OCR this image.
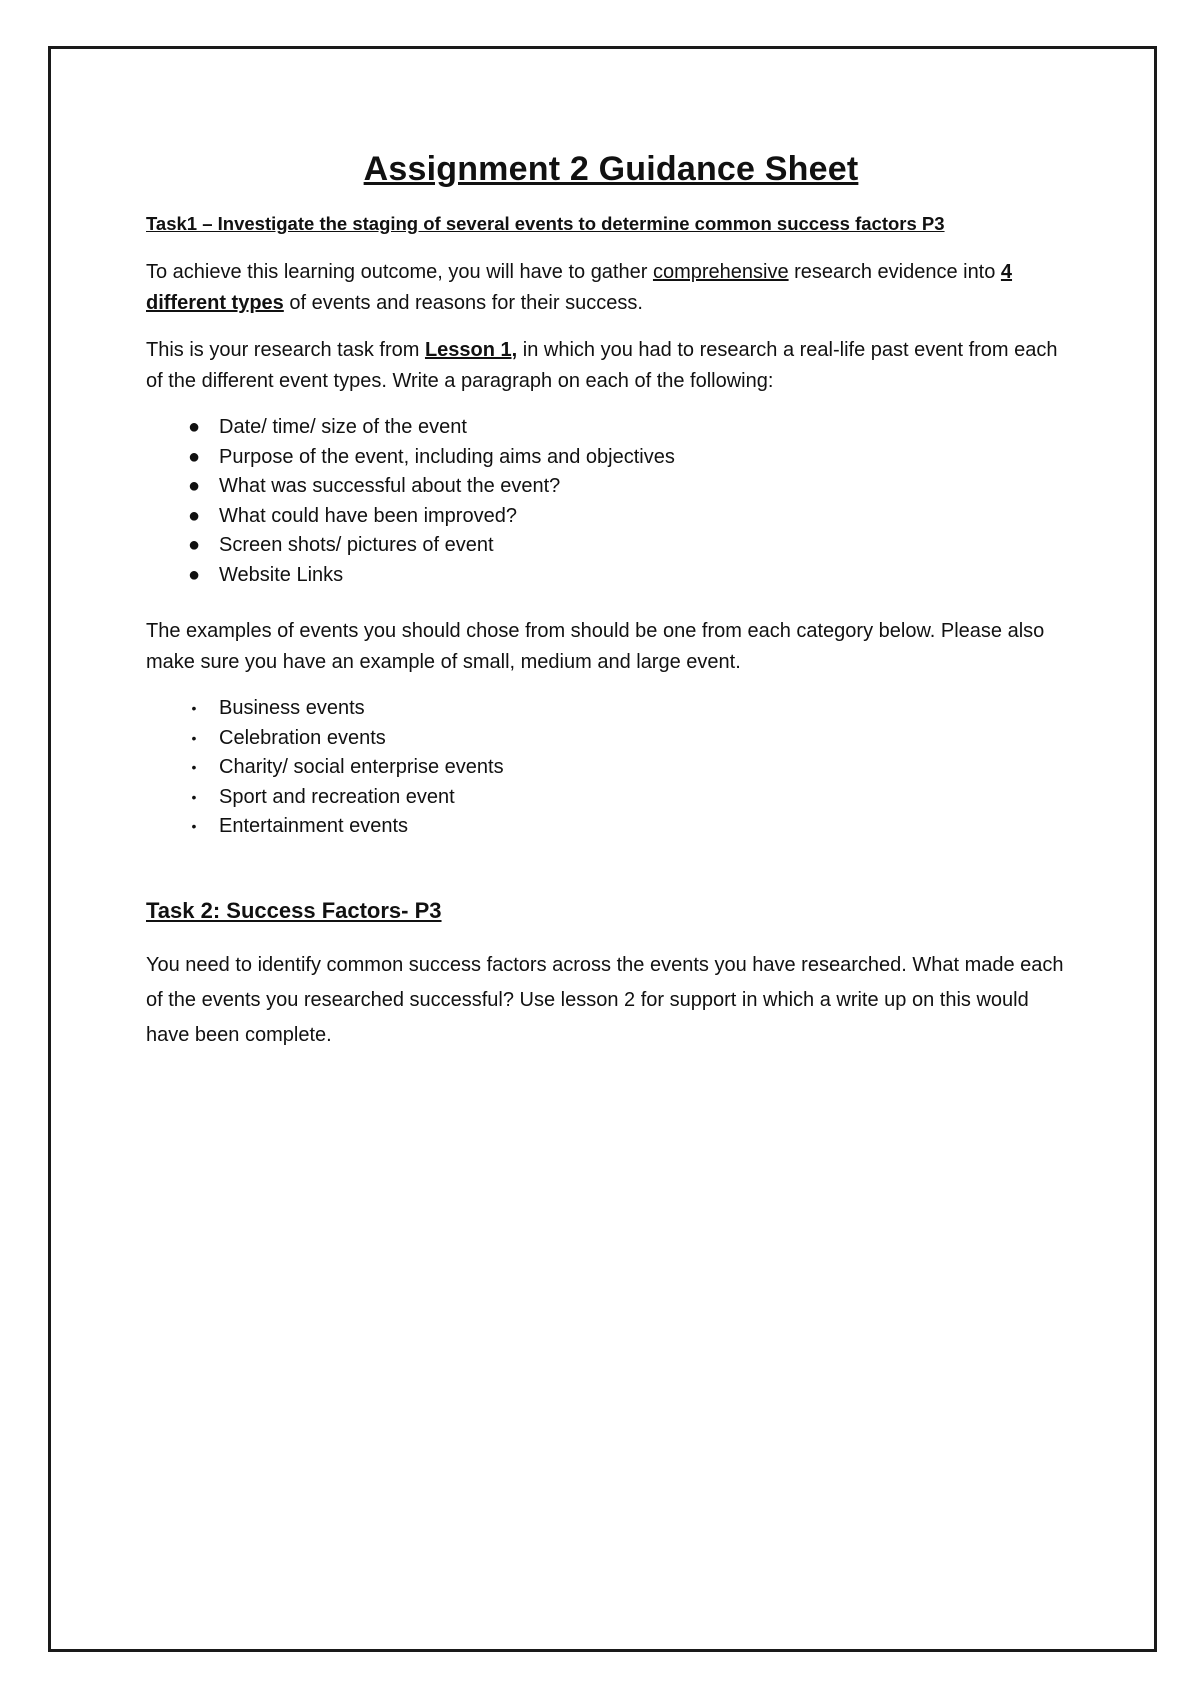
Assignment 2 Guidance Sheet
Task1 – Investigate the staging of several events to determine common success factors P3

To achieve this learning outcome, you will have to gather comprehensive research evidence into 4 different types of events and reasons for their success.

This is your research task from Lesson 1, in which you had to research a real-life past event from each of the different event types. Write a paragraph on each of the following:

● Date/ time/ size of the event
● Purpose of the event, including aims and objectives
● What was successful about the event?
● What could have been improved?
● Screen shots/ pictures of event
● Website Links

The examples of events you should chose from should be one from each category below. Please also make sure you have an example of small, medium and large event.

•	Business events
•	Celebration events
•	Charity/ social enterprise events
•	Sport and recreation event
•	Entertainment events
Task 2: Success Factors- P3

You need to identify common success factors across the events you have researched. What made each of the events you researched successful? Use lesson 2 for support in which a write up on this would have been complete.
